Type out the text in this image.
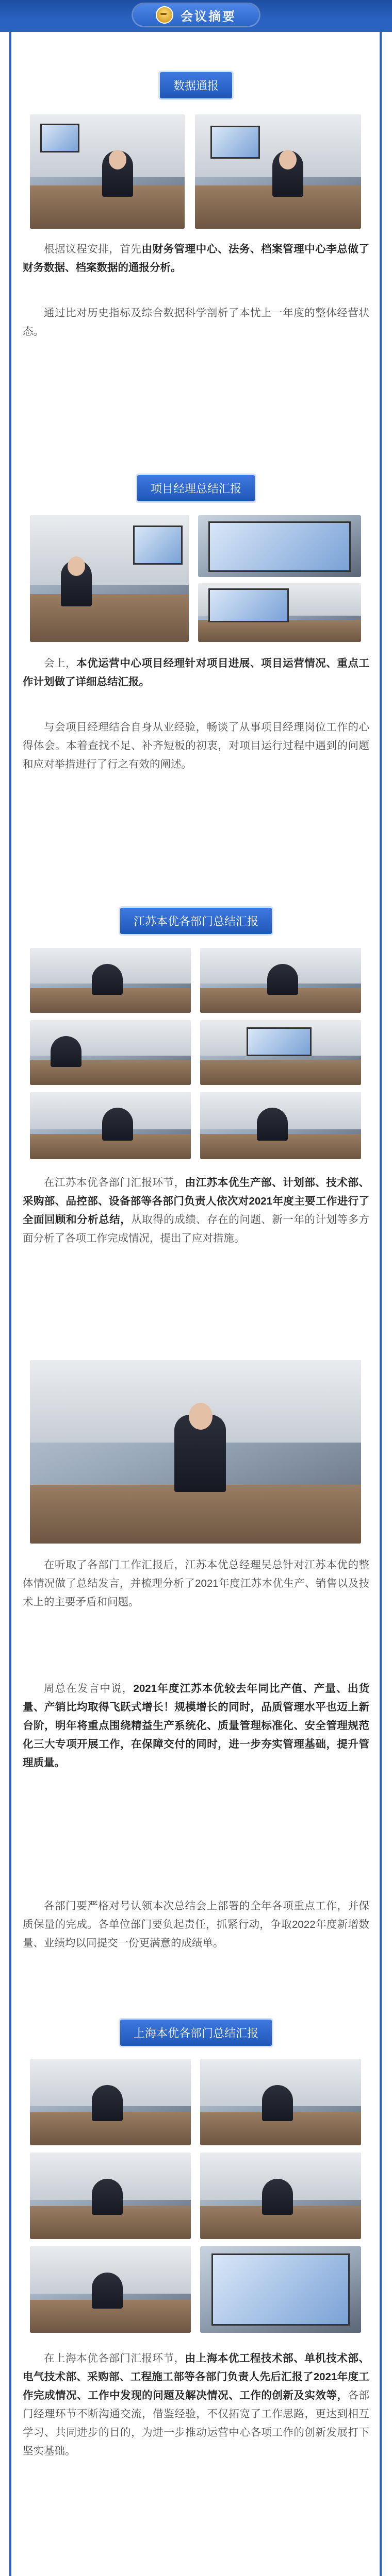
会议摘要
数据通报

根据议程安排，首先由财务管理中心、法务、档案管理中心李总做了财务数据、档案数据的通报分析。

通过比对历史指标及综合数据科学剖析了本忧上一年度的整体经营状态。

项目经理总结汇报

会上，本优运营中心项目经理针对项目进展、项目运营情况、重点工作计划做了详细总结汇报。

与会项目经理结合自身从业经验，畅谈了从事项目经理岗位工作的心得体会。本着查找不足、补齐短板的初衷，对项目运行过程中遇到的问题和应对举措进行了行之有效的阐述。

江苏本优各部门总结汇报

在江苏本优各部门汇报环节，由江苏本优生产部、计划部、技术部、采购部、品控部、设备部等各部门负责人依次对2021年度主要工作进行了全面回顾和分析总结，从取得的成绩、存在的问题、新一年的计划等多方面分析了各项工作完成情况，提出了应对措施。

在听取了各部门工作汇报后，江苏本优总经理吴总针对江苏本优的整体情况做了总结发言，并梳理分析了2021年度江苏本优生产、销售以及技术上的主要矛盾和问题。

周总在发言中说，2021年度江苏本优较去年同比产值、产量、出货量、产销比均取得飞跃式增长！规模增长的同时，品质管理水平也迈上新台阶，明年将重点围绕精益生产系统化、质量管理标准化、安全管理规范化三大专项开展工作，在保障交付的同时，进一步夯实管理基础，提升管理质量。

各部门要严格对号认领本次总结会上部署的全年各项重点工作，并保质保量的完成。各单位部门要负起责任，抓紧行动，争取2022年度新增数量、业绩均以同提交一份更满意的成绩单。

上海本优各部门总结汇报

在上海本优各部门汇报环节，由上海本优工程技术部、单机技术部、电气技术部、采购部、工程施工部等各部门负责人先后汇报了2021年度工作完成情况、工作中发现的问题及解决情况、工作的创新及实效等，各部门经理环节不断沟通交流，借鉴经验，不仅拓宽了工作思路，更达到相互学习、共同进步的目的，为进一步推动运营中心各项工作的创新发展打下坚实基础。
